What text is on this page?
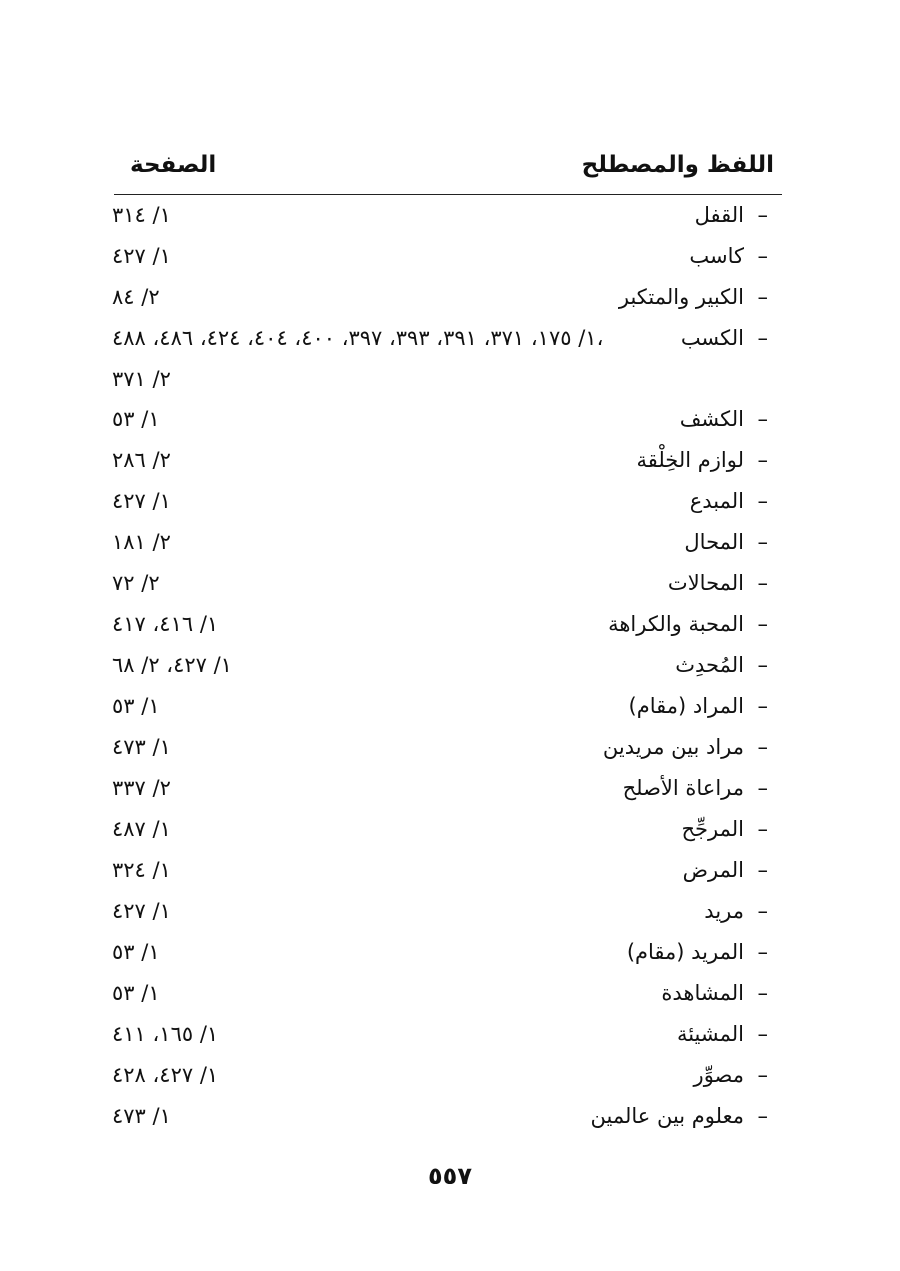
اللفظ والمصطلح
الصفحة
–
القفل
١/ ٣١٤
–
كاسب
١/ ٤٢٧
–
الكبير والمتكبر
٢/ ٨٤
–
الكسب
١/ ١٧٥، ٣٧١، ٣٩١، ٣٩٣، ٣٩٧، ٤٠٠، ٤٠٤، ٤٢٤، ٤٨٦، ٤٨٨،
٢/ ٣٧١
–
الكشف
١/ ٥٣
–
لوازم الخِلْقة
٢/ ٢٨٦
–
المبدع
١/ ٤٢٧
–
المحال
٢/ ١٨١
–
المحالات
٢/ ٧٢
–
المحبة والكراهة
١/ ٤١٦، ٤١٧
–
المُحدِث
١/ ٤٢٧، ٢/ ٦٨
–
المراد (مقام)
١/ ٥٣
–
مراد بين مريدين
١/ ٤٧٣
–
مراعاة الأصلح
٢/ ٣٣٧
–
المرجِّح
١/ ٤٨٧
–
المرض
١/ ٣٢٤
–
مريد
١/ ٤٢٧
–
المريد (مقام)
١/ ٥٣
–
المشاهدة
١/ ٥٣
–
المشيئة
١/ ١٦٥، ٤١١
–
مصوِّر
١/ ٤٢٧، ٤٢٨
–
معلوم بين عالمين
١/ ٤٧٣
٥٥٧
